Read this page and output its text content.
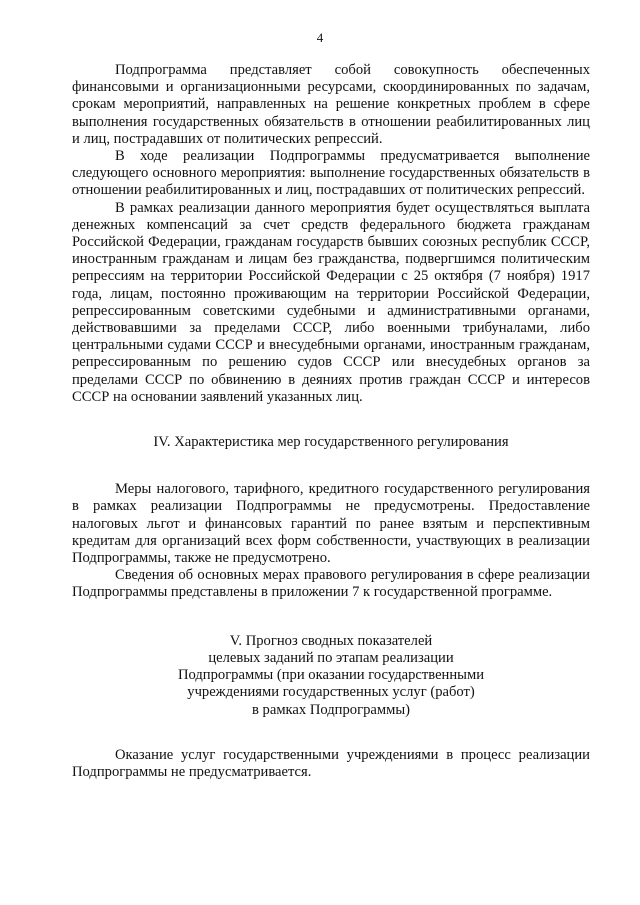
4

Подпрограмма представляет собой совокупность обеспеченных финансовыми и организационными ресурсами, скоординированных по задачам, срокам мероприятий, направленных на решение конкретных проблем в сфере выполнения государственных обязательств в отношении реабилитированных лиц и лиц, пострадавших от политических репрессий.

В ходе реализации Подпрограммы предусматривается выполнение следующего основного мероприятия: выполнение государственных обязательств в отношении реабилитированных и лиц, пострадавших от политических репрессий.

В рамках реализации данного мероприятия будет осуществляться выплата денежных компенсаций за счет средств федерального бюджета гражданам Российской Федерации, гражданам государств бывших союзных республик СССР, иностранным гражданам и лицам без гражданства, подвергшимся политическим репрессиям на территории Российской Федерации с 25 октября (7 ноября) 1917 года, лицам, постоянно проживающим на территории Российской Федерации, репрессированным советскими судебными и административными органами, действовавшими за пределами СССР, либо военными трибуналами, либо центральными судами СССР и внесудебными органами, иностранным гражданам, репрессированным по решению судов СССР или внесудебных органов за пределами СССР по обвинению в деяниях против граждан СССР и интересов СССР на основании заявлений указанных лиц.

IV. Характеристика мер государственного регулирования

Меры налогового, тарифного, кредитного государственного регулирования в рамках реализации Подпрограммы не предусмотрены. Предоставление налоговых льгот и финансовых гарантий по ранее взятым и перспективным кредитам для организаций всех форм собственности, участвующих в реализации Подпрограммы, также не предусмотрено.

Сведения об основных мерах правового регулирования в сфере реализации Подпрограммы представлены в приложении 7 к государственной программе.

V. Прогноз сводных показателей
целевых заданий по этапам реализации
Подпрограммы (при оказании государственными
учреждениями государственных услуг (работ)
в рамках Подпрограммы)

Оказание услуг государственными учреждениями в процесс реализации Подпрограммы не предусматривается.
